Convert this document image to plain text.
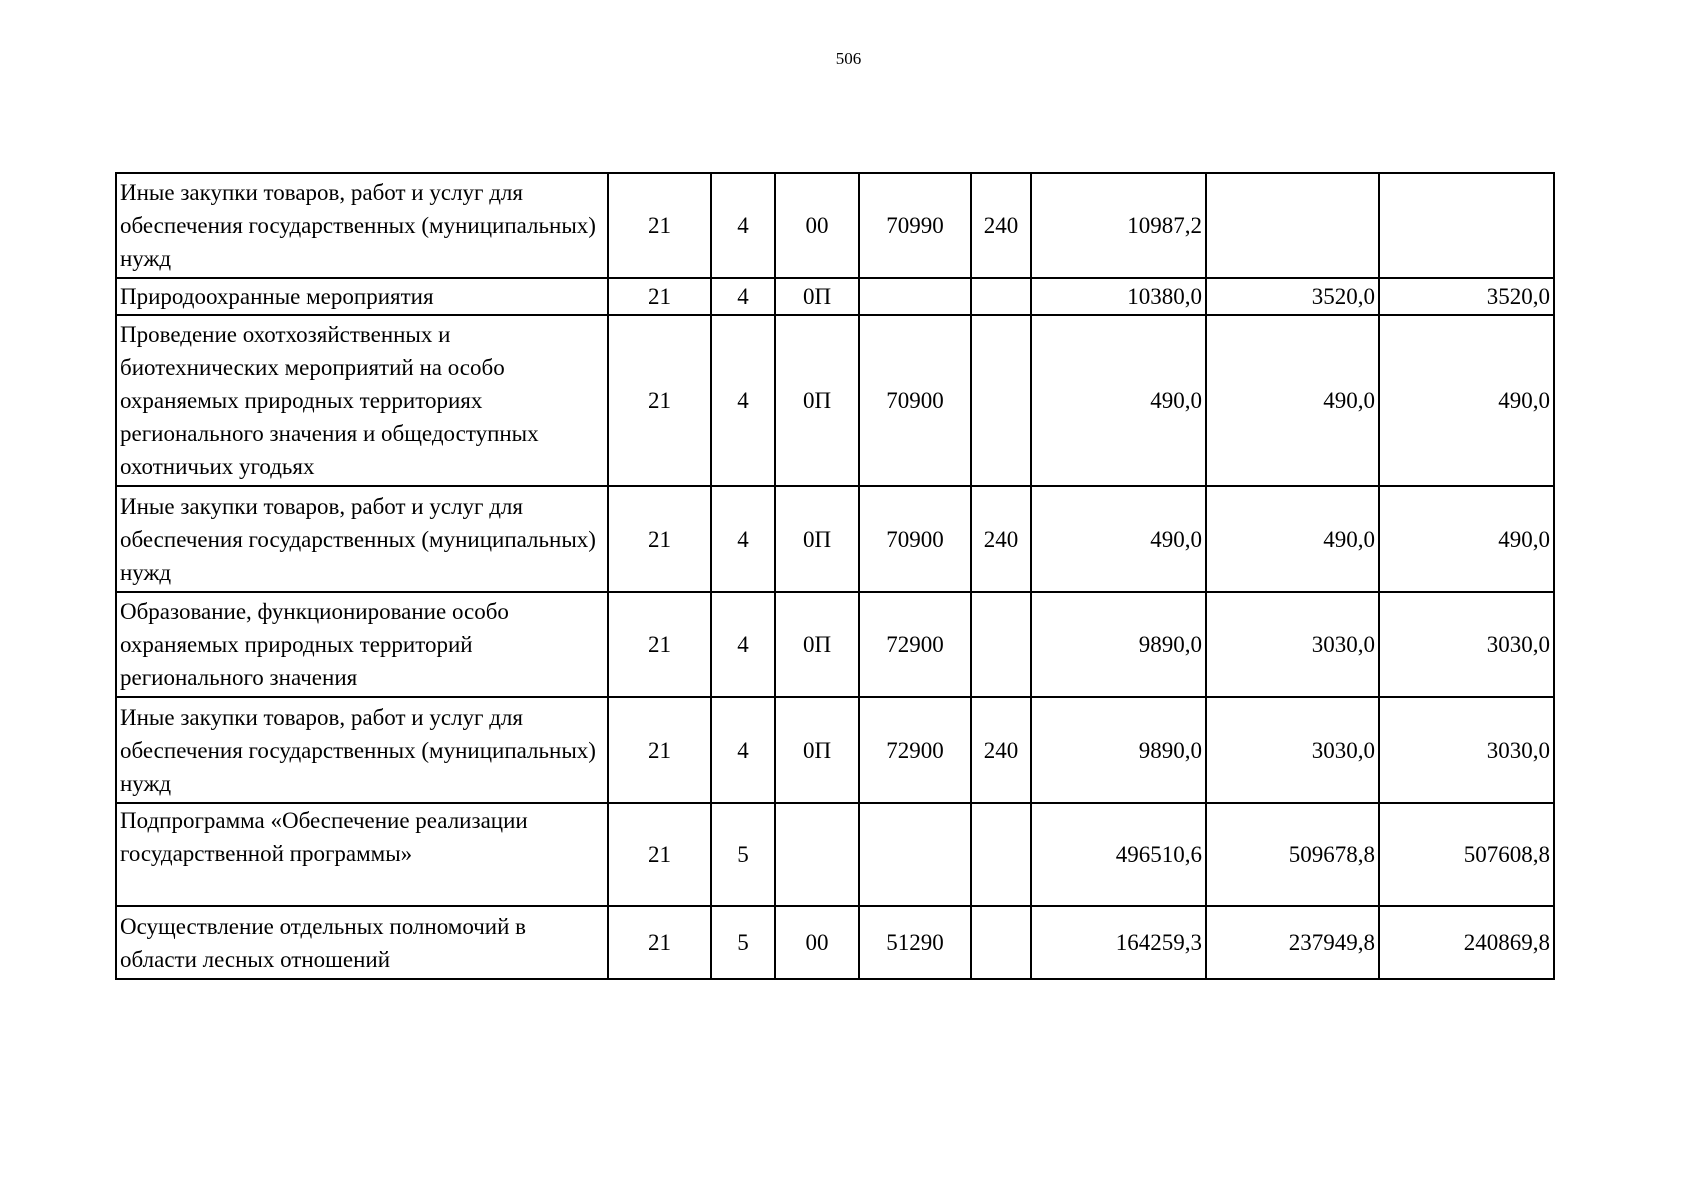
506
Иные закупки товаров, работ и услуг для обеспечения государственных (муниципальных) нужд	21	4	00	70990	240	10987,2		
Природоохранные мероприятия	21	4	0П			10380,0	3520,0	3520,0
Проведение охотхозяйственных и биотехнических мероприятий на особо охраняемых природных территориях регионального значения и общедоступных охотничьих угодьях	21	4	0П	70900		490,0	490,0	490,0
Иные закупки товаров, работ и услуг для обеспечения государственных (муниципальных) нужд	21	4	0П	70900	240	490,0	490,0	490,0
Образование, функционирование особо охраняемых природных территорий регионального значения	21	4	0П	72900		9890,0	3030,0	3030,0
Иные закупки товаров, работ и услуг для обеспечения государственных (муниципальных) нужд	21	4	0П	72900	240	9890,0	3030,0	3030,0
Подпрограмма «Обеспечение реализации государственной программы»	21	5				496510,6	509678,8	507608,8
Осуществление отдельных полномочий в области лесных отношений	21	5	00	51290		164259,3	237949,8	240869,8
